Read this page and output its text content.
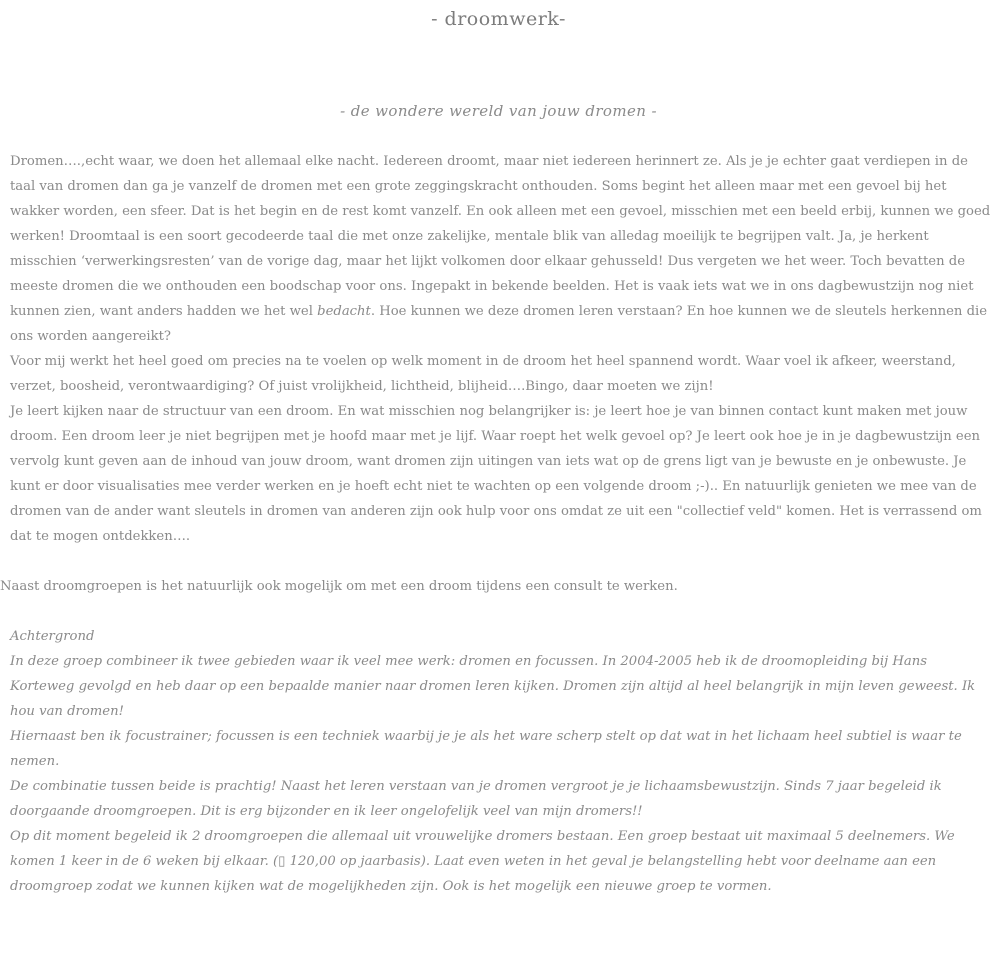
- droomwerk-
- de wondere wereld van jouw dromen -

Dromen….,echt waar, we doen het allemaal elke nacht. Iedereen droomt, maar niet iedereen herinnert ze. Als je je echter gaat verdiepen in de taal van dromen dan ga je vanzelf de dromen met een grote zeggingskracht onthouden. Soms begint het alleen maar met een gevoel bij het wakker worden, een sfeer. Dat is het begin en de rest komt vanzelf. En ook alleen met een gevoel, misschien met een beeld erbij, kunnen we goed werken! Droomtaal is een soort gecodeerde taal die met onze zakelijke, mentale blik van alledag moeilijk te begrijpen valt. Ja, je herkent misschien ‘verwerkingsresten’ van de vorige dag, maar het lijkt volkomen door elkaar gehusseld! Dus vergeten we het weer. Toch bevatten de meeste dromen die we onthouden een boodschap voor ons. Ingepakt in bekende beelden. Het is vaak iets wat we in ons dagbewustzijn nog niet kunnen zien, want anders hadden we het wel bedacht. Hoe kunnen we deze dromen leren verstaan? En hoe kunnen we de sleutels herkennen die ons worden aangereikt?

Voor mij werkt het heel goed om precies na te voelen op welk moment in de droom het heel spannend wordt. Waar voel ik afkeer, weerstand, verzet, boosheid, verontwaardiging? Of juist vrolijkheid, lichtheid, blijheid….Bingo, daar moeten we zijn!

Je leert kijken naar de structuur van een droom. En wat misschien nog belangrijker is: je leert hoe je van binnen contact kunt maken met jouw droom. Een droom leer je niet begrijpen met je hoofd maar met je lijf. Waar roept het welk gevoel op? Je leert ook hoe je in je dagbewustzijn een vervolg kunt geven aan de inhoud van jouw droom, want dromen zijn uitingen van iets wat op de grens ligt van je bewuste en je onbewuste. Je kunt er door visualisaties mee verder werken en je hoeft echt niet te wachten op een volgende droom ;-).. En natuurlijk genieten we mee van de dromen van de ander want sleutels in dromen van anderen zijn ook hulp voor ons omdat ze uit een "collectief veld" komen. Het is verrassend om dat te mogen ontdekken….

Naast droomgroepen is het natuurlijk ook mogelijk om met een droom tijdens een consult te werken.

Achtergrond

In deze groep combineer ik twee gebieden waar ik veel mee werk: dromen en focussen. In 2004-2005 heb ik de droomopleiding bij Hans Korteweg gevolgd en heb daar op een bepaalde manier naar dromen leren kijken. Dromen zijn altijd al heel belangrijk in mijn leven geweest. Ik hou van dromen!

Hiernaast ben ik focustrainer; focussen is een techniek waarbij je je als het ware scherp stelt op dat wat in het lichaam heel subtiel is waar te nemen.

De combinatie tussen beide is prachtig! Naast het leren verstaan van je dromen vergroot je je lichaamsbewustzijn. Sinds 7 jaar begeleid ik doorgaande droomgroepen. Dit is erg bijzonder en ik leer ongelofelijk veel van mijn dromers!!

Op dit moment begeleid ik 2 droomgroepen die allemaal uit vrouwelijke dromers bestaan. Een groep bestaat uit maximaal 5 deelnemers. We komen 1 keer in de 6 weken bij elkaar. (▯ 120,00 op jaarbasis). Laat even weten in het geval je belangstelling hebt voor deelname aan een droomgroep zodat we kunnen kijken wat de mogelijkheden zijn. Ook is het mogelijk een nieuwe groep te vormen.
